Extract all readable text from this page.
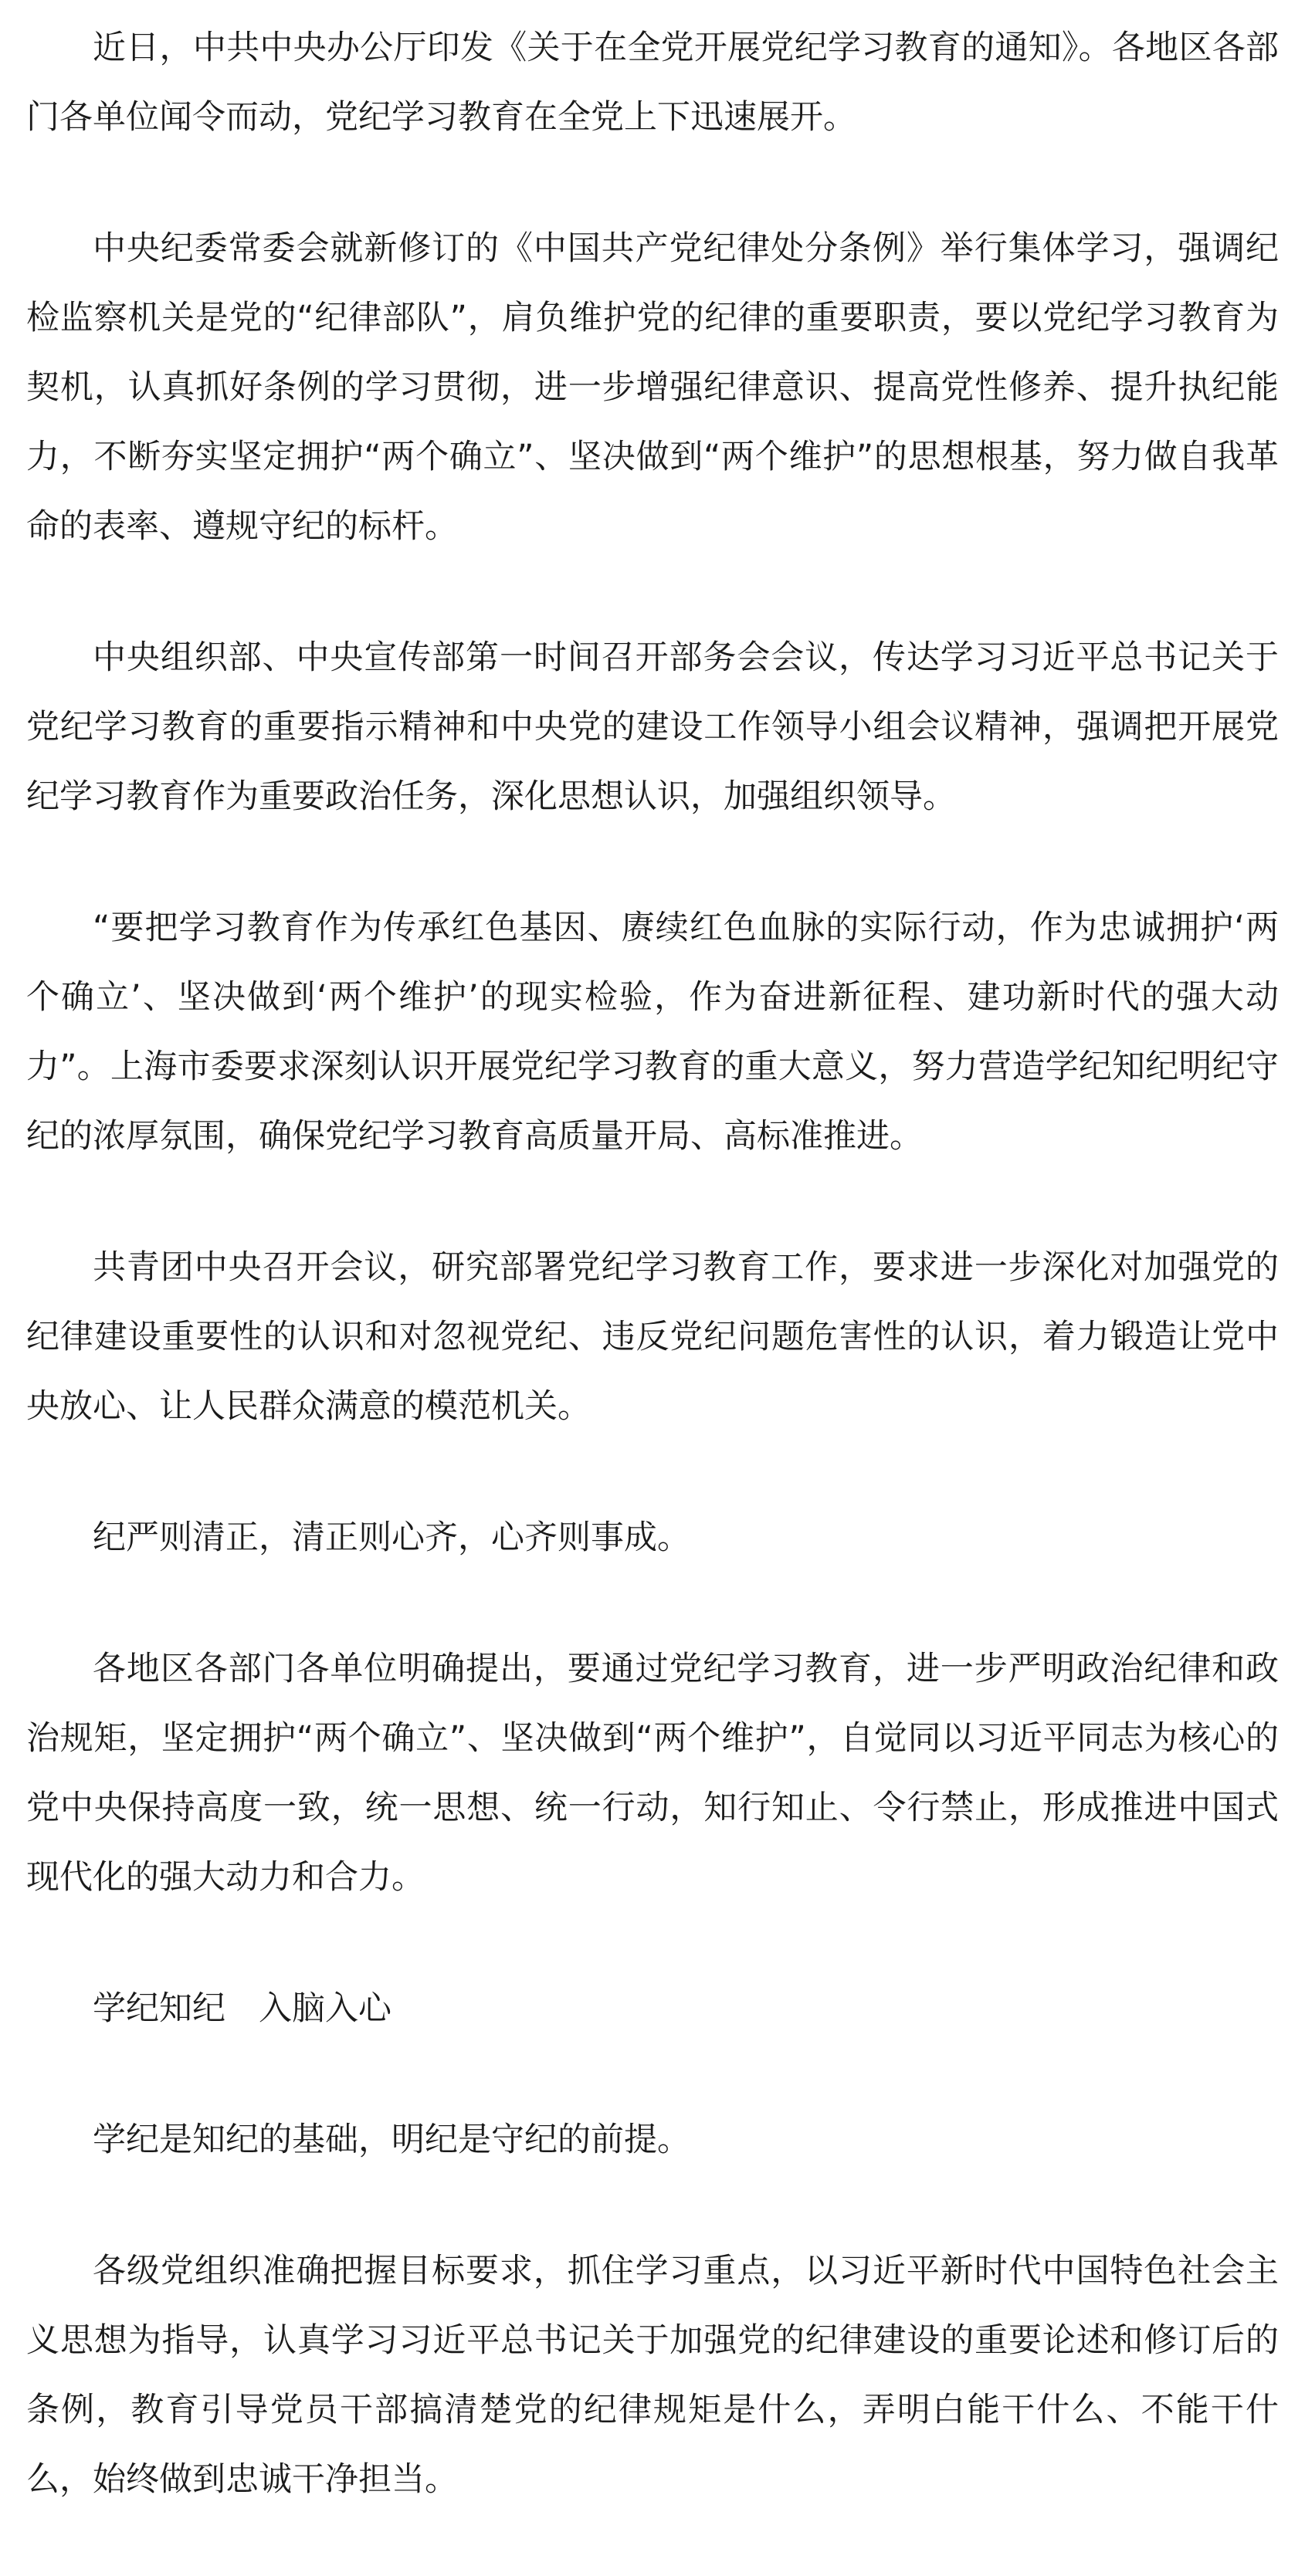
近日，中共中央办公厅印发《关于在全党开展党纪学习教育的通知》。各地区各部门各单位闻令而动，党纪学习教育在全党上下迅速展开。

中央纪委常委会就新修订的《中国共产党纪律处分条例》举行集体学习，强调纪检监察机关是党的“纪律部队”，肩负维护党的纪律的重要职责，要以党纪学习教育为契机，认真抓好条例的学习贯彻，进一步增强纪律意识、提高党性修养、提升执纪能力，不断夯实坚定拥护“两个确立”、坚决做到“两个维护”的思想根基，努力做自我革命的表率、遵规守纪的标杆。

中央组织部、中央宣传部第一时间召开部务会会议，传达学习习近平总书记关于党纪学习教育的重要指示精神和中央党的建设工作领导小组会议精神，强调把开展党纪学习教育作为重要政治任务，深化思想认识，加强组织领导。

“要把学习教育作为传承红色基因、赓续红色血脉的实际行动，作为忠诚拥护‘两个确立’、坚决做到‘两个维护’的现实检验，作为奋进新征程、建功新时代的强大动力”。上海市委要求深刻认识开展党纪学习教育的重大意义，努力营造学纪知纪明纪守纪的浓厚氛围，确保党纪学习教育高质量开局、高标准推进。

共青团中央召开会议，研究部署党纪学习教育工作，要求进一步深化对加强党的纪律建设重要性的认识和对忽视党纪、违反党纪问题危害性的认识，着力锻造让党中央放心、让人民群众满意的模范机关。

纪严则清正，清正则心齐，心齐则事成。

各地区各部门各单位明确提出，要通过党纪学习教育，进一步严明政治纪律和政治规矩，坚定拥护“两个确立”、坚决做到“两个维护”，自觉同以习近平同志为核心的党中央保持高度一致，统一思想、统一行动，知行知止、令行禁止，形成推进中国式现代化的强大动力和合力。

学纪知纪　入脑入心

学纪是知纪的基础，明纪是守纪的前提。

各级党组织准确把握目标要求，抓住学习重点，以习近平新时代中国特色社会主义思想为指导，认真学习习近平总书记关于加强党的纪律建设的重要论述和修订后的条例，教育引导党员干部搞清楚党的纪律规矩是什么，弄明白能干什么、不能干什么，始终做到忠诚干净担当。
